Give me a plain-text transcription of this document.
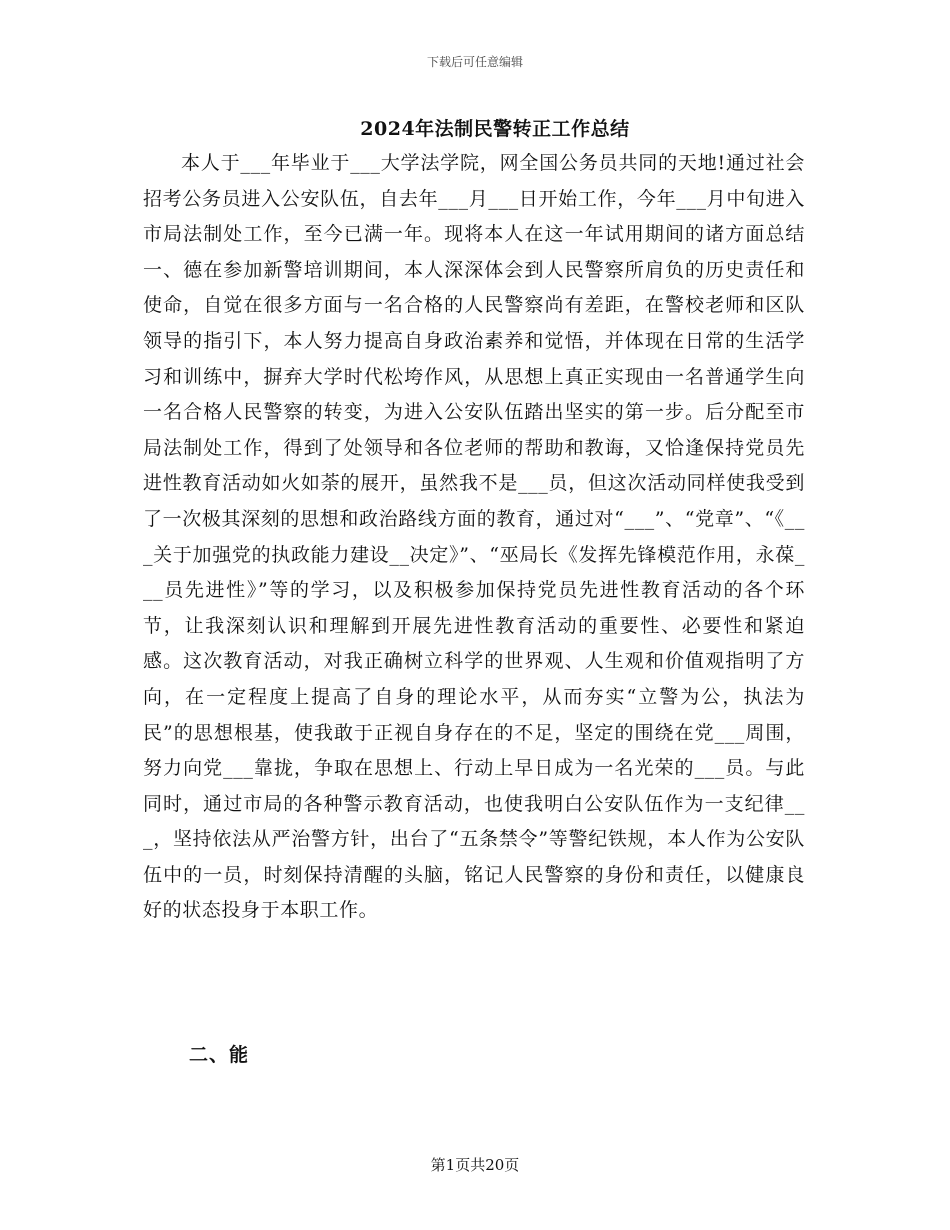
下载后可任意编辑
2024年法制民警转正工作总结

本人于___年毕业于___大学法学院，网全国公务员共同的天地!通过社会招考公务员进入公安队伍，自去年___月___日开始工作，今年___月中旬进入市局法制处工作，至今已满一年。现将本人在这一年试用期间的诸方面总结一、德在参加新警培训期间，本人深深体会到人民警察所肩负的历史责任和使命，自觉在很多方面与一名合格的人民警察尚有差距，在警校老师和区队领导的指引下，本人努力提高自身政治素养和觉悟，并体现在日常的生活学习和训练中，摒弃大学时代松垮作风，从思想上真正实现由一名普通学生向一名合格人民警察的转变，为进入公安队伍踏出坚实的第一步。后分配至市局法制处工作，得到了处领导和各位老师的帮助和教诲，又恰逢保持党员先进性教育活动如火如荼的展开，虽然我不是___员，但这次活动同样使我受到了一次极其深刻的思想和政治路线方面的教育，通过对“___”、“党章”、“《___关于加强党的执政能力建设__决定》”、“巫局长《发挥先锋模范作用，永葆___员先进性》”等的学习，以及积极参加保持党员先进性教育活动的各个环节，让我深刻认识和理解到开展先进性教育活动的重要性、必要性和紧迫感。这次教育活动，对我正确树立科学的世界观、人生观和价值观指明了方向，在一定程度上提高了自身的理论水平，从而夯实“立警为公，执法为民”的思想根基，使我敢于正视自身存在的不足，坚定的围绕在党___周围，努力向党___靠拢，争取在思想上、行动上早日成为一名光荣的___员。与此同时，通过市局的各种警示教育活动，也使我明白公安队伍作为一支纪律___，坚持依法从严治警方针，出台了“五条禁令”等警纪铁规，本人作为公安队伍中的一员，时刻保持清醒的头脑，铭记人民警察的身份和责任，以健康良好的状态投身于本职工作。

二、能
第1页共20页
